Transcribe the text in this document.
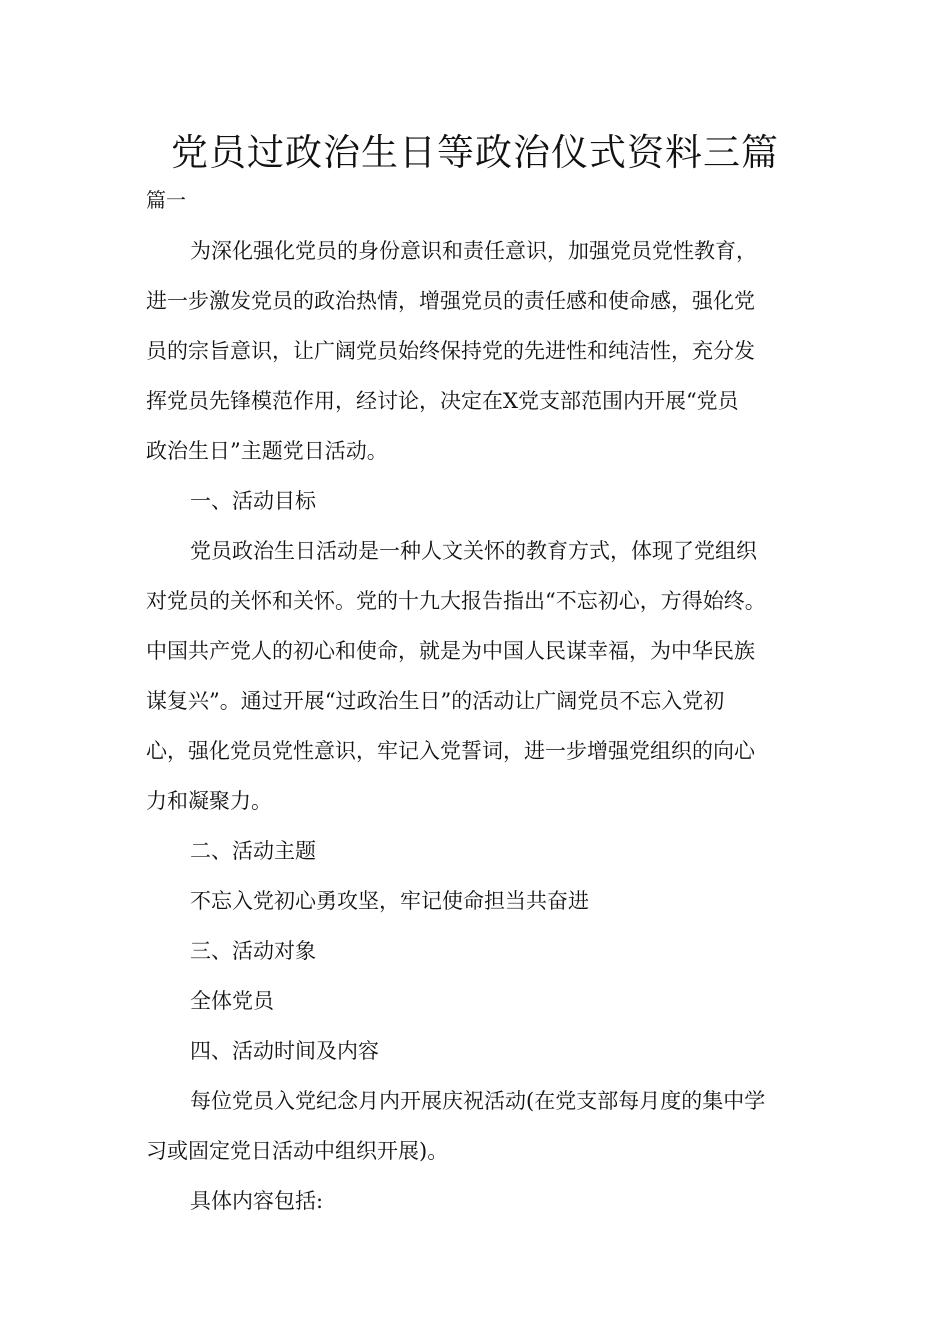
党员过政治生日等政治仪式资料三篇
篇一
为深化强化党员的身份意识和责任意识，加强党员党性教育，
进一步激发党员的政治热情，增强党员的责任感和使命感，强化党
员的宗旨意识，让广阔党员始终保持党的先进性和纯洁性，充分发
挥党员先锋模范作用，经讨论，决定在X党支部范围内开展“党员
政治生日”主题党日活动。
一、活动目标
党员政治生日活动是一种人文关怀的教育方式，体现了党组织
对党员的关怀和关怀。党的十九大报告指出“不忘初心，方得始终。
中国共产党人的初心和使命，就是为中国人民谋幸福，为中华民族
谋复兴”。通过开展“过政治生日”的活动让广阔党员不忘入党初
心，强化党员党性意识，牢记入党誓词，进一步增强党组织的向心
力和凝聚力。
二、活动主题
不忘入党初心勇攻坚，牢记使命担当共奋进
三、活动对象
全体党员
四、活动时间及内容
每位党员入党纪念月内开展庆祝活动(在党支部每月度的集中学
习或固定党日活动中组织开展)。
具体内容包括:
